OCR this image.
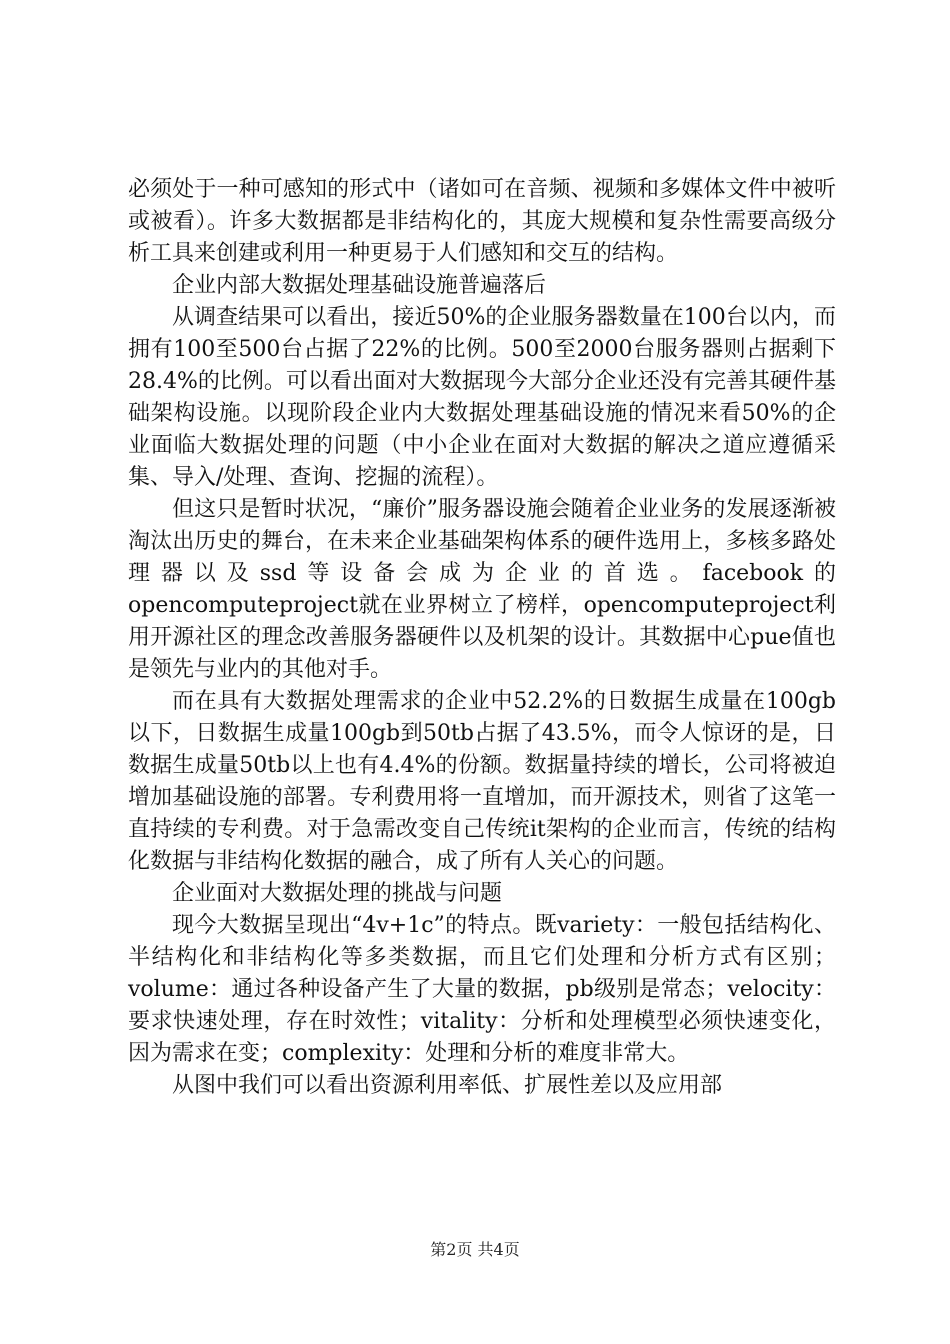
必须处于一种可感知的形式中（诸如可在音频、视频和多媒体文件中被听或被看）。许多大数据都是非结构化的，其庞大规模和复杂性需要高级分析工具来创建或利用一种更易于人们感知和交互的结构。

企业内部大数据处理基础设施普遍落后

从调查结果可以看出，接近50%的企业服务器数量在100台以内，而拥有100至500台占据了22%的比例。500至2000台服务器则占据剩下28.4%的比例。可以看出面对大数据现今大部分企业还没有完善其硬件基础架构设施。以现阶段企业内大数据处理基础设施的情况来看50%的企业面临大数据处理的问题（中小企业在面对大数据的解决之道应遵循采集、导入/处理、查询、挖掘的流程）。

但这只是暂时状况，“廉价”服务器设施会随着企业业务的发展逐渐被淘汰出历史的舞台，在未来企业基础架构体系的硬件选用上，多核多路处理器以及ssd等设备会成为企业的首选。facebook的opencomputeproject就在业界树立了榜样，opencomputeproject利用开源社区的理念改善服务器硬件以及机架的设计。其数据中心pue值也是领先与业内的其他对手。

而在具有大数据处理需求的企业中52.2%的日数据生成量在100gb以下，日数据生成量100gb到50tb占据了43.5%，而令人惊讶的是，日数据生成量50tb以上也有4.4%的份额。数据量持续的增长，公司将被迫增加基础设施的部署。专利费用将一直增加，而开源技术，则省了这笔一直持续的专利费。对于急需改变自己传统it架构的企业而言，传统的结构化数据与非结构化数据的融合，成了所有人关心的问题。

企业面对大数据处理的挑战与问题

现今大数据呈现出“4v+1c”的特点。既variety：一般包括结构化、半结构化和非结构化等多类数据，而且它们处理和分析方式有区别；volume：通过各种设备产生了大量的数据，pb级别是常态；velocity：要求快速处理，存在时效性；vitality：分析和处理模型必须快速变化，因为需求在变；complexity：处理和分析的难度非常大。

从图中我们可以看出资源利用率低、扩展性差以及应用部

第2页 共4页
